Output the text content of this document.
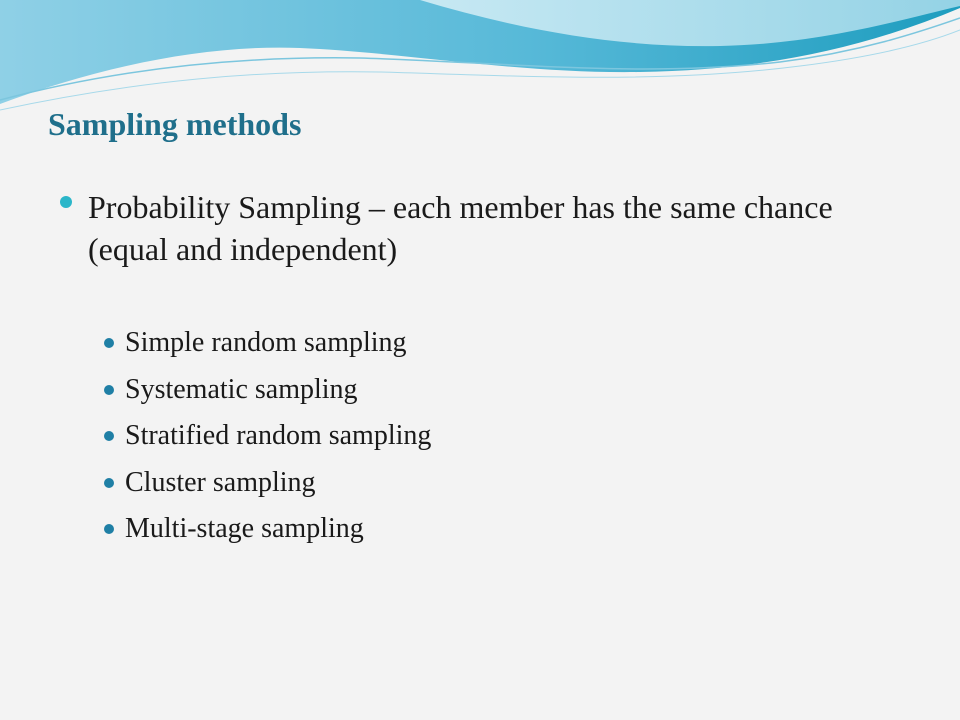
Sampling methods
Probability Sampling – each member has the same chance (equal and independent)
Simple random sampling
Systematic sampling
Stratified random sampling
Cluster sampling
Multi-stage sampling
